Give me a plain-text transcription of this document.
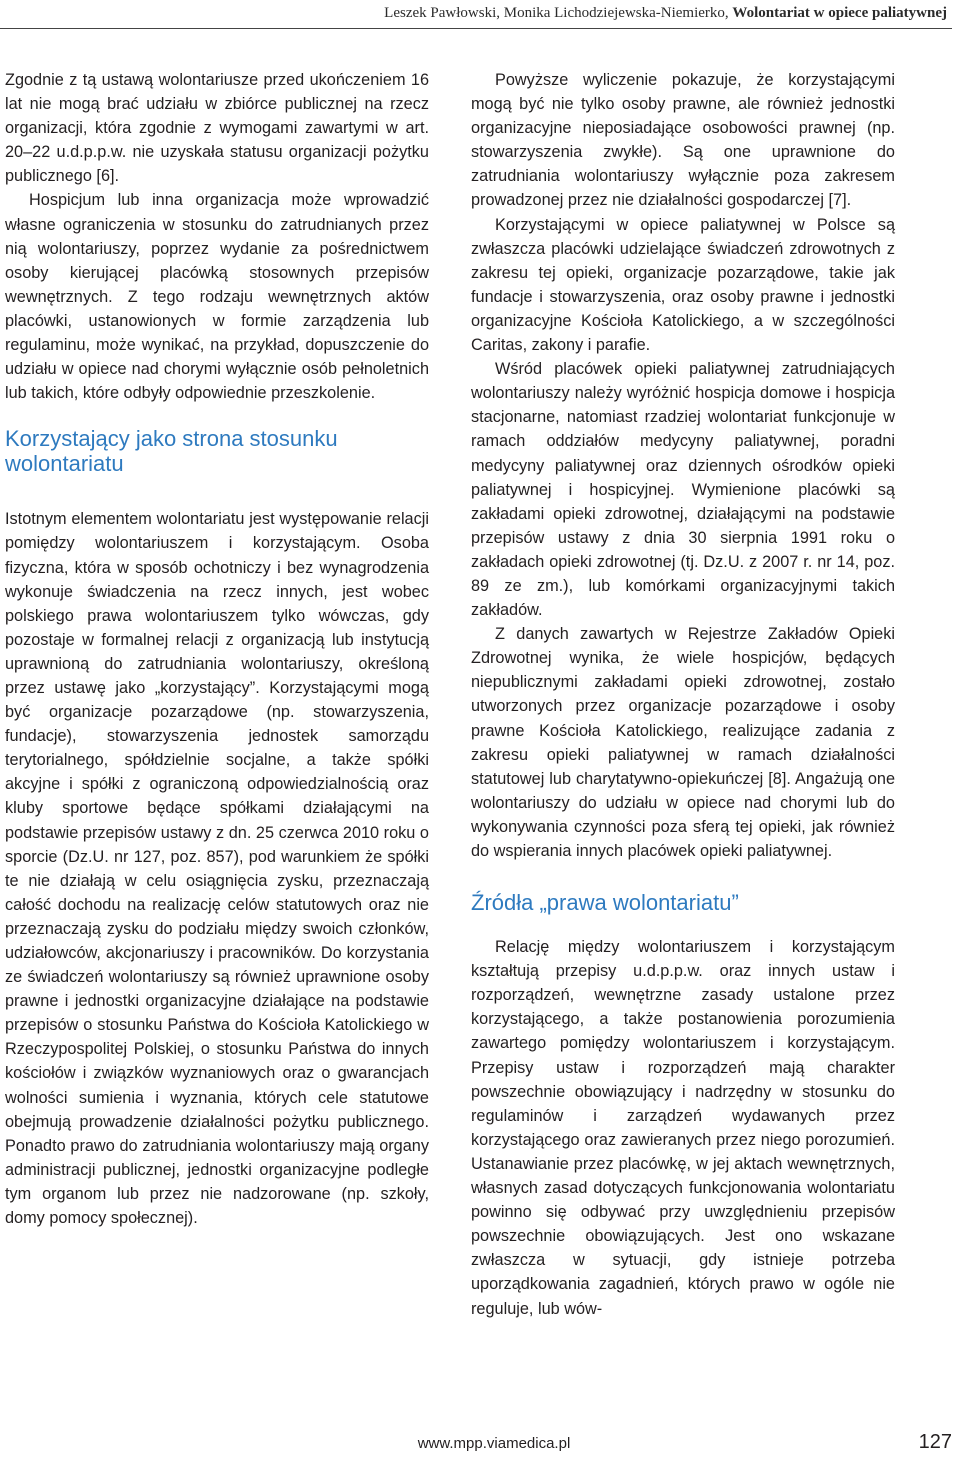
Leszek Pawłowski, Monika Lichodziejewska-Niemierko, Wolontariat w opiece paliatywnej

Zgodnie z tą ustawą wolontariusze przed ukończeniem 16 lat nie mogą brać udziału w zbiórce publicznej na rzecz organizacji, która zgodnie z wymogami zawartymi w art. 20–22 u.d.p.p.w. nie uzyskała statusu organizacji pożytku publicznego [6].

Hospicjum lub inna organizacja może wprowadzić własne ograniczenia w stosunku do zatrudnianych przez nią wolontariuszy, poprzez wydanie za pośrednictwem osoby kierującej placówką stosownych przepisów wewnętrznych. Z tego rodzaju wewnętrznych aktów placówki, ustanowionych w formie zarządzenia lub regulaminu, może wynikać, na przykład, dopuszczenie do udziału w opiece nad chorymi wyłącznie osób pełnoletnich lub takich, które odbyły odpowiednie przeszkolenie.

Korzystający jako strona stosunku wolontariatu

Istotnym elementem wolontariatu jest występowanie relacji pomiędzy wolontariuszem i korzystającym. Osoba fizyczna, która w sposób ochotniczy i bez wynagrodzenia wykonuje świadczenia na rzecz innych, jest wobec polskiego prawa wolontariuszem tylko wówczas, gdy pozostaje w formalnej relacji z organizacją lub instytucją uprawnioną do zatrudniania wolontariuszy, określoną przez ustawę jako „korzystający”. Korzystającymi mogą być organizacje pozarządowe (np. stowarzyszenia, fundacje), stowarzyszenia jednostek samorządu terytorialnego, spółdzielnie socjalne, a także spółki akcyjne i spółki z ograniczoną odpowiedzialnością oraz kluby sportowe będące spółkami działającymi na podstawie przepisów ustawy z dn. 25 czerwca 2010 roku o sporcie (Dz.U. nr 127, poz. 857), pod warunkiem że spółki te nie działają w celu osiągnięcia zysku, przeznaczają całość dochodu na realizację celów statutowych oraz nie przeznaczają zysku do podziału między swoich członków, udziałowców, akcjonariuszy i pracowników. Do korzystania ze świadczeń wolontariuszy są również uprawnione osoby prawne i jednostki organizacyjne działające na podstawie przepisów o stosunku Państwa do Kościoła Katolickiego w Rzeczypospolitej Polskiej, o stosunku Państwa do innych kościołów i związków wyznaniowych oraz o gwarancjach wolności sumienia i wyznania, których cele statutowe obejmują prowadzenie działalności pożytku publicznego. Ponadto prawo do zatrudniania wolontariuszy mają organy administracji publicznej, jednostki organizacyjne podległe tym organom lub przez nie nadzorowane (np. szkoły, domy pomocy społecznej).

Powyższe wyliczenie pokazuje, że korzystającymi mogą być nie tylko osoby prawne, ale również jednostki organizacyjne nieposiadające osobowości prawnej (np. stowarzyszenia zwykłe). Są one uprawnione do zatrudniania wolontariuszy wyłącznie poza zakresem prowadzonej przez nie działalności gospodarczej [7].

Korzystającymi w opiece paliatywnej w Polsce są zwłaszcza placówki udzielające świadczeń zdrowotnych z zakresu tej opieki, organizacje pozarządowe, takie jak fundacje i stowarzyszenia, oraz osoby prawne i jednostki organizacyjne Kościoła Katolickiego, a w szczególności Caritas, zakony i parafie.

Wśród placówek opieki paliatywnej zatrudniających wolontariuszy należy wyróżnić hospicja domowe i hospicja stacjonarne, natomiast rzadziej wolontariat funkcjonuje w ramach oddziałów medycyny paliatywnej, poradni medycyny paliatywnej oraz dziennych ośrodków opieki paliatywnej i hospicyjnej. Wymienione placówki są zakładami opieki zdrowotnej, działającymi na podstawie przepisów ustawy z dnia 30 sierpnia 1991 roku o zakładach opieki zdrowotnej (tj. Dz.U. z 2007 r. nr 14, poz. 89 ze zm.), lub komórkami organizacyjnymi takich zakładów.

Z danych zawartych w Rejestrze Zakładów Opieki Zdrowotnej wynika, że wiele hospicjów, będących niepublicznymi zakładami opieki zdrowotnej, zostało utworzonych przez organizacje pozarządowe i osoby prawne Kościoła Katolickiego, realizujące zadania z zakresu opieki paliatywnej w ramach działalności statutowej lub charytatywno-opiekuńczej [8]. Angażują one wolontariuszy do udziału w opiece nad chorymi lub do wykonywania czynności poza sferą tej opieki, jak również do wspierania innych placówek opieki paliatywnej.

Źródła „prawa wolontariatu”

Relację między wolontariuszem i korzystającym kształtują przepisy u.d.p.p.w. oraz innych ustaw i rozporządzeń, wewnętrzne zasady ustalone przez korzystającego, a także postanowienia porozumienia zawartego pomiędzy wolontariuszem i korzystającym. Przepisy ustaw i rozporządzeń mają charakter powszechnie obowiązujący i nadrzędny w stosunku do regulaminów i zarządzeń wydawanych przez korzystającego oraz zawieranych przez niego porozumień. Ustanawianie przez placówkę, w jej aktach wewnętrznych, własnych zasad dotyczących funkcjonowania wolontariatu powinno się odbywać przy uwzględnieniu przepisów powszechnie obowiązujących. Jest ono wskazane zwłaszcza w sytuacji, gdy istnieje potrzeba uporządkowania zagadnień, których prawo w ogóle nie reguluje, lub wów-

www.mpp.viamedica.pl	127
